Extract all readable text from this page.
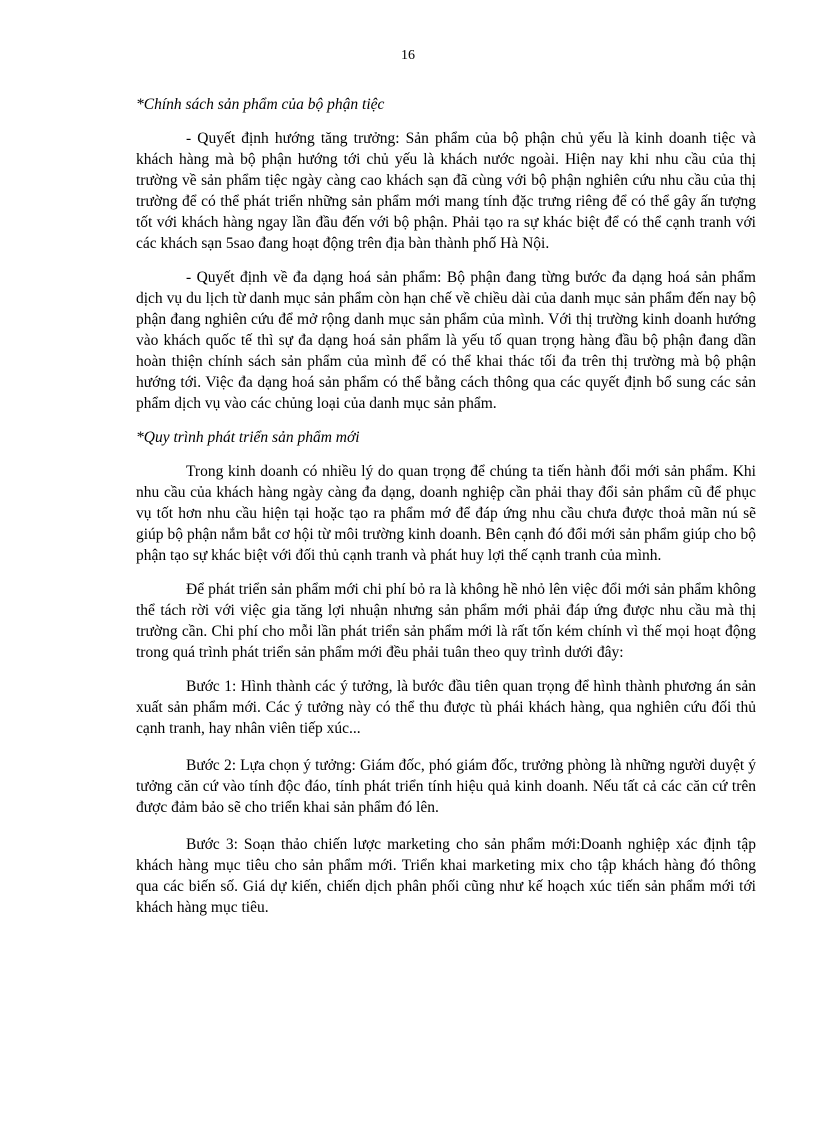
16

*Chính sách sản phẩm của bộ phận tiệc

- Quyết định hướng tăng trưởng: Sản phẩm của bộ phận chủ yếu là kinh doanh tiệc và khách hàng mà bộ phận hướng tới chủ yếu là khách nước ngoài. Hiện nay khi nhu cầu của thị trường về sản phẩm tiệc ngày càng cao khách sạn đã cùng với bộ phận nghiên cứu nhu cầu của thị trường để có thể phát triển những sản phẩm mới mang tính đặc trưng riêng để có thể gây ấn tượng tốt với khách hàng ngay lần đầu đến với bộ phận. Phải tạo ra sự khác biệt để có thể cạnh tranh với các khách sạn 5sao đang hoạt động trên địa bàn thành phố Hà Nội.

- Quyết định về đa dạng hoá sản phẩm: Bộ phận đang từng bước đa dạng hoá sản phẩm dịch vụ du lịch từ danh mục sản phẩm còn hạn chế về chiều dài của danh mục sản phẩm đến nay bộ phận đang nghiên cứu để mở rộng danh mục sản phẩm của mình. Với thị trường kinh doanh hướng vào khách quốc tế thì sự đa dạng hoá sản phẩm là yếu tố quan trọng hàng đầu bộ phận đang dần hoàn thiện chính sách sản phẩm của mình để có thể khai thác tối đa trên thị trường mà bộ phận hướng tới. Việc đa dạng hoá sản phẩm có thể bằng cách thông qua các quyết định bổ sung các sản phẩm dịch vụ vào các chủng loại của danh mục sản phẩm.

*Quy trình phát triển sản phẩm mới

Trong kinh doanh có nhiều lý do quan trọng để chúng ta tiến hành đổi mới sản phẩm. Khi nhu cầu của khách hàng ngày càng đa dạng, doanh nghiệp cần phải thay đổi sản phẩm cũ để phục vụ tốt hơn nhu cầu hiện tại hoặc tạo ra phẩm mớ để đáp ứng nhu cầu chưa được thoả mãn nú sẽ giúp bộ phận nắm bắt cơ hội từ môi trường kinh doanh. Bên cạnh đó đổi mới sản phẩm giúp cho bộ phận tạo sự khác biệt với đối thủ cạnh tranh và phát huy lợi thế cạnh tranh của mình.

Để phát triển sản phẩm mới chi phí bỏ ra là không hề nhỏ lên việc đổi mới sản phẩm không thể tách rời với việc gia tăng lợi nhuận nhưng sản phẩm mới phải đáp ứng được nhu cầu mà thị trường cần. Chi phí cho mỗi lần phát triển sản phẩm mới là rất tốn kém chính vì thế mọi hoạt động trong quá trình phát triển sản phẩm mới đều phải tuân theo quy trình dưới đây:

Bước 1: Hình thành các ý tưởng, là bước đầu tiên quan trọng để hình thành phương án sản xuất sản phẩm mới. Các ý tưởng này có thể thu được tù phái khách hàng, qua nghiên cứu đối thủ cạnh tranh, hay nhân viên tiếp xúc...

Bước 2: Lựa chọn ý tưởng: Giám đốc, phó giám đốc, trưởng phòng là những người duyệt ý tưởng căn cứ vào tính độc đáo, tính phát triển tính hiệu quả kinh doanh. Nếu tất cả các căn cứ trên được đảm bảo sẽ cho triển khai sản phẩm đó lên.

Bước 3: Soạn thảo chiến lược marketing cho sản phẩm mới:Doanh nghiệp xác định tập khách hàng mục tiêu cho sản phẩm mới. Triển khai marketing mix cho tập khách hàng đó thông qua các biến số. Giá dự kiến, chiến dịch phân phối cũng như kế hoạch xúc tiến sản phẩm mới tới khách hàng mục tiêu.
